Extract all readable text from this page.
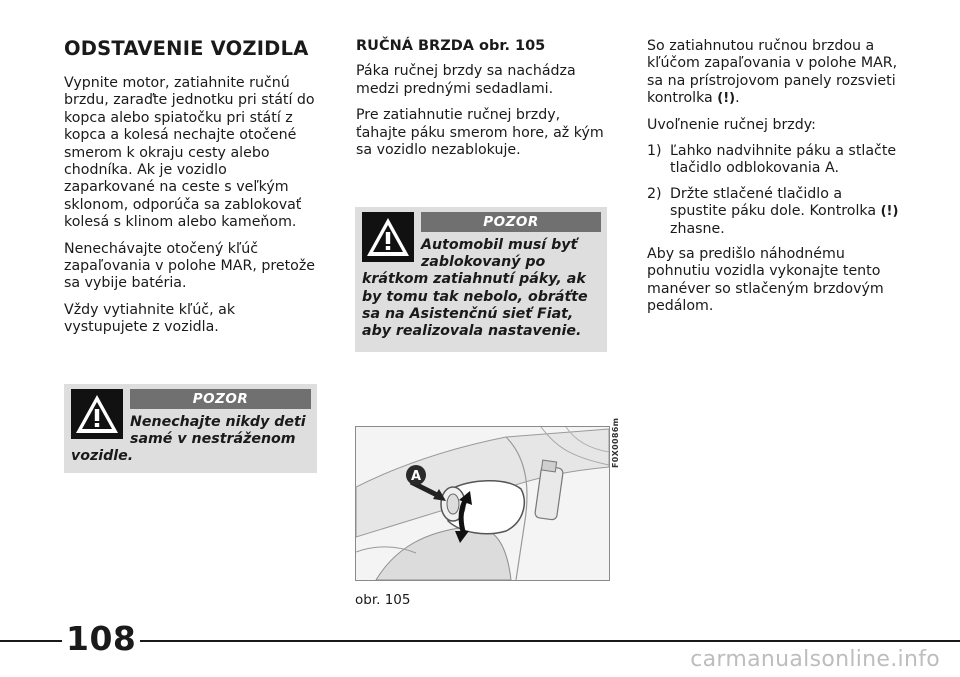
ODSTAVENIE VOZIDLA

Vypnite motor, zatiahnite ručnú brzdu, zaraďte jednotku pri státí do kopca alebo spiatočku pri státí z kopca a kolesá nechajte otočené smerom k okraju cesty alebo chodníka. Ak je vozidlo zaparkované na ceste s veľkým sklonom, odporúča sa zablokovať kolesá s klinom alebo kameňom.

Nenechávajte otočený kľúč zapaľovania v polohe MAR, pretože sa vybije batéria.

Vždy vytiahnite kľúč, ak vystupujete z vozidla.

POZOR
Nenechajte nikdy deti samé v nestráženom
vozidle.
RUČNÁ BRZDA obr. 105

Páka ručnej brzdy sa nachádza medzi prednými sedadlami.

Pre zatiahnutie ručnej brzdy, ťahajte páku smerom hore, až kým sa vozidlo nezablokuje.

POZOR
Automobil musí byť zablokovaný po
krátkom zatiahnutí páky, ak by tomu tak nebolo, obráťte sa na Asistenčnú sieť Fiat, aby realizovala nastavenie.
A
F0X0086m
obr. 105

So zatiahnutou ručnou brzdou a kľúčom zapaľovania v polohe MAR, sa na prístrojovom panely rozsvieti kontrolka (!).

Uvoľnenie ručnej brzdy:

1) Ľahko nadvihnite páku a stlačte tlačidlo odblokovania A.
2) Držte stlačené tlačidlo a spustite páku dole. Kontrolka (!) zhasne.

Aby sa predišlo náhodnému pohnutiu vozidla vykonajte tento manéver so stlačeným brzdovým pedálom.

108
carmanualsonline.info
